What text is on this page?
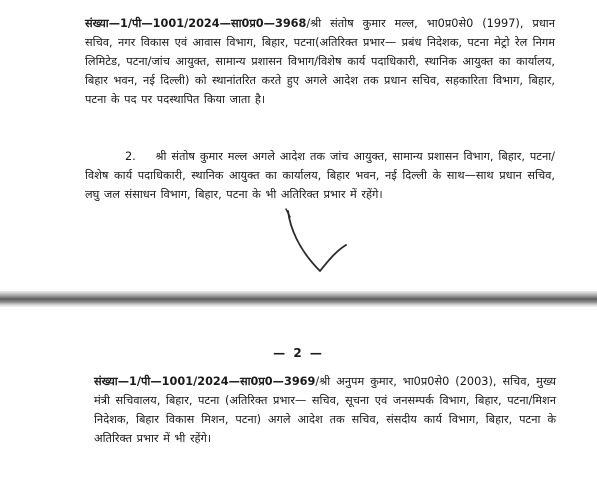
संख्या—1/पी—1001/2024—सा0प्र0—3968/श्री संतोष कुमार मल्ल, भा0प्र0से0 (1997), प्रधान सचिव, नगर विकास एवं आवास विभाग, बिहार, पटना(अतिरिक्त प्रभार— प्रबंध निदेशक, पटना मेट्रो रेल निगम लिमिटेड, पटना/जांच आयुक्त, सामान्य प्रशासन विभाग/विशेष कार्य पदाधिकारी, स्थानिक आयुक्त का कार्यालय, बिहार भवन, नई दिल्ली) को स्थानांतरित करते हुए अगले आदेश तक प्रधान सचिव, सहकारिता विभाग, बिहार, पटना के पद पर पदस्थापित किया जाता है।

2. श्री संतोष कुमार मल्ल अगले आदेश तक जांच आयुक्त, सामान्य प्रशासन विभाग, बिहार, पटना/ विशेष कार्य पदाधिकारी, स्थानिक आयुक्त का कार्यालय, बिहार भवन, नई दिल्ली के साथ—साथ प्रधान सचिव, लघु जल संसाधन विभाग, बिहार, पटना के भी अतिरिक्त प्रभार में रहेंगे।

— 2 —

संख्या—1/पी—1001/2024—सा0प्र0—3969/श्री अनुपम कुमार, भा0प्र0से0 (2003), सचिव, मुख्य मंत्री सचिवालय, बिहार, पटना (अतिरिक्त प्रभार— सचिव, सूचना एवं जनसम्पर्क विभाग, बिहार, पटना/मिशन निदेशक, बिहार विकास मिशन, पटना) अगले आदेश तक सचिव, संसदीय कार्य विभाग, बिहार, पटना के अतिरिक्त प्रभार में भी रहेंगे।
